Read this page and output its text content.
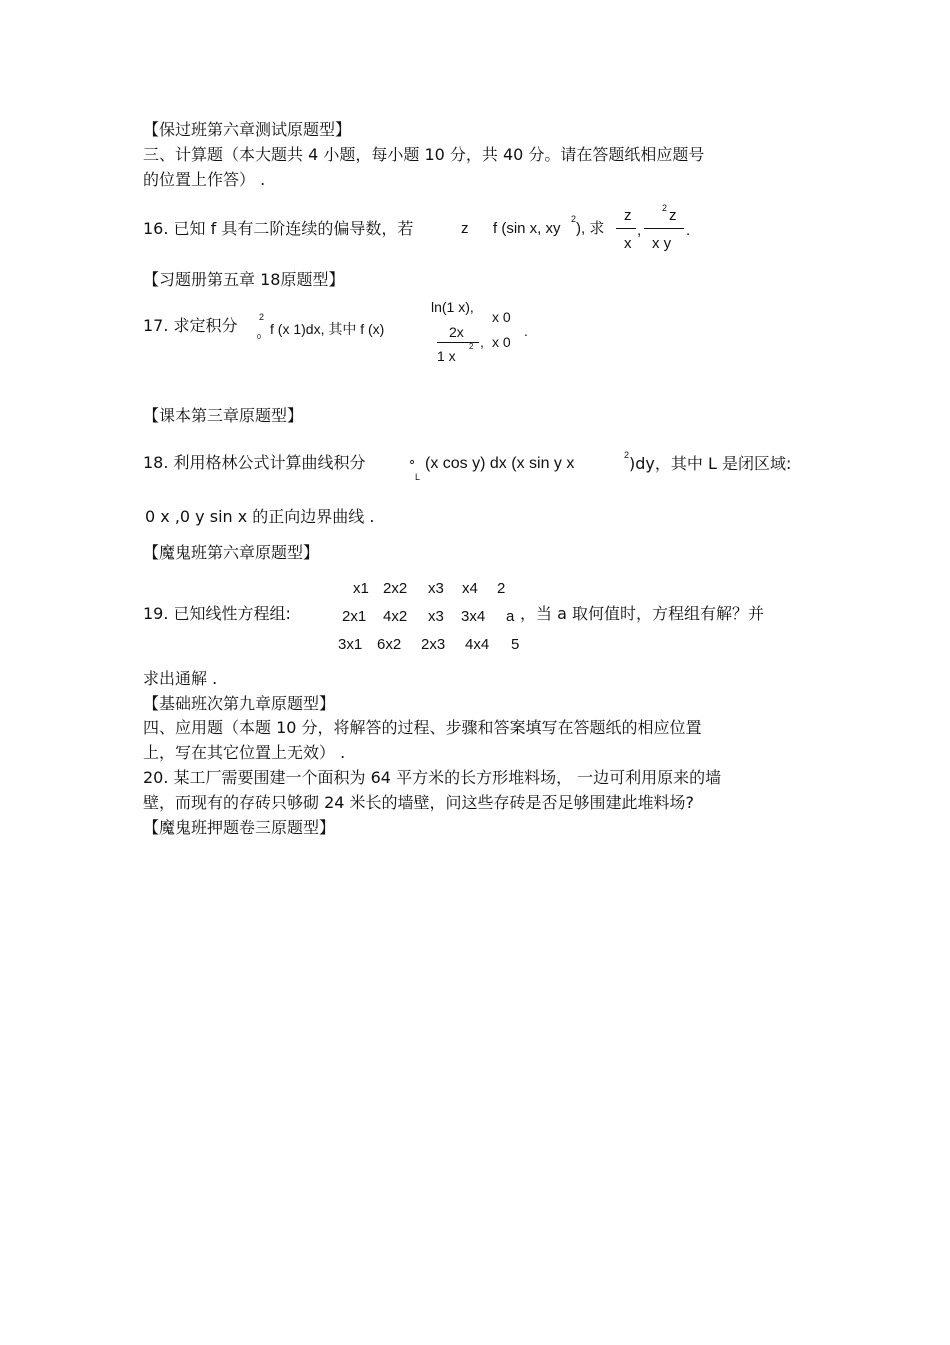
【保过班第六章测试原题型】
三、计算题（本大题共 4 小题，每小题 10 分，共 40 分。请在答题纸相应题号
的位置上作答） .
16. 已知 f 具有二阶连续的偏导数，若	z f (sin x, xy
2
), 求
z
x
,
2 z
x y
.
【习题册第五章 18原题型】
17. 求定积分 2
0
f (x 1)dx, 其中 f (x)
ln(1 x),
x 0
2x
1 x
2 , x 0
.
【课本第三章原题型】
18. 利用格林公式计算曲线积分	∘
L
(x cos y) dx (x sin y x	2 )dy，其中 L 是闭区域:
0 x ,0 y sin x 的正向边界曲线 .
【魔鬼班第六章原题型】
19. 已知线性方程组:
x1 2x2 x3 x4 2
2x1 4x2 x3 3x4 a
3x1 6x2 2x3 4x4 5
，当 a 取何值时，方程组有解？并
求出通解 .
【基础班次第九章原题型】
四、应用题（本题 10 分，将解答的过程、步骤和答案填写在答题纸的相应位置
上，写在其它位置上无效） .
20. 某工厂需要围建一个面积为 64 平方米的长方形堆料场， 一边可利用原来的墙
壁，而现有的存砖只够砌 24 米长的墙壁，问这些存砖是否足够围建此堆料场?
【魔鬼班押题卷三原题型】
